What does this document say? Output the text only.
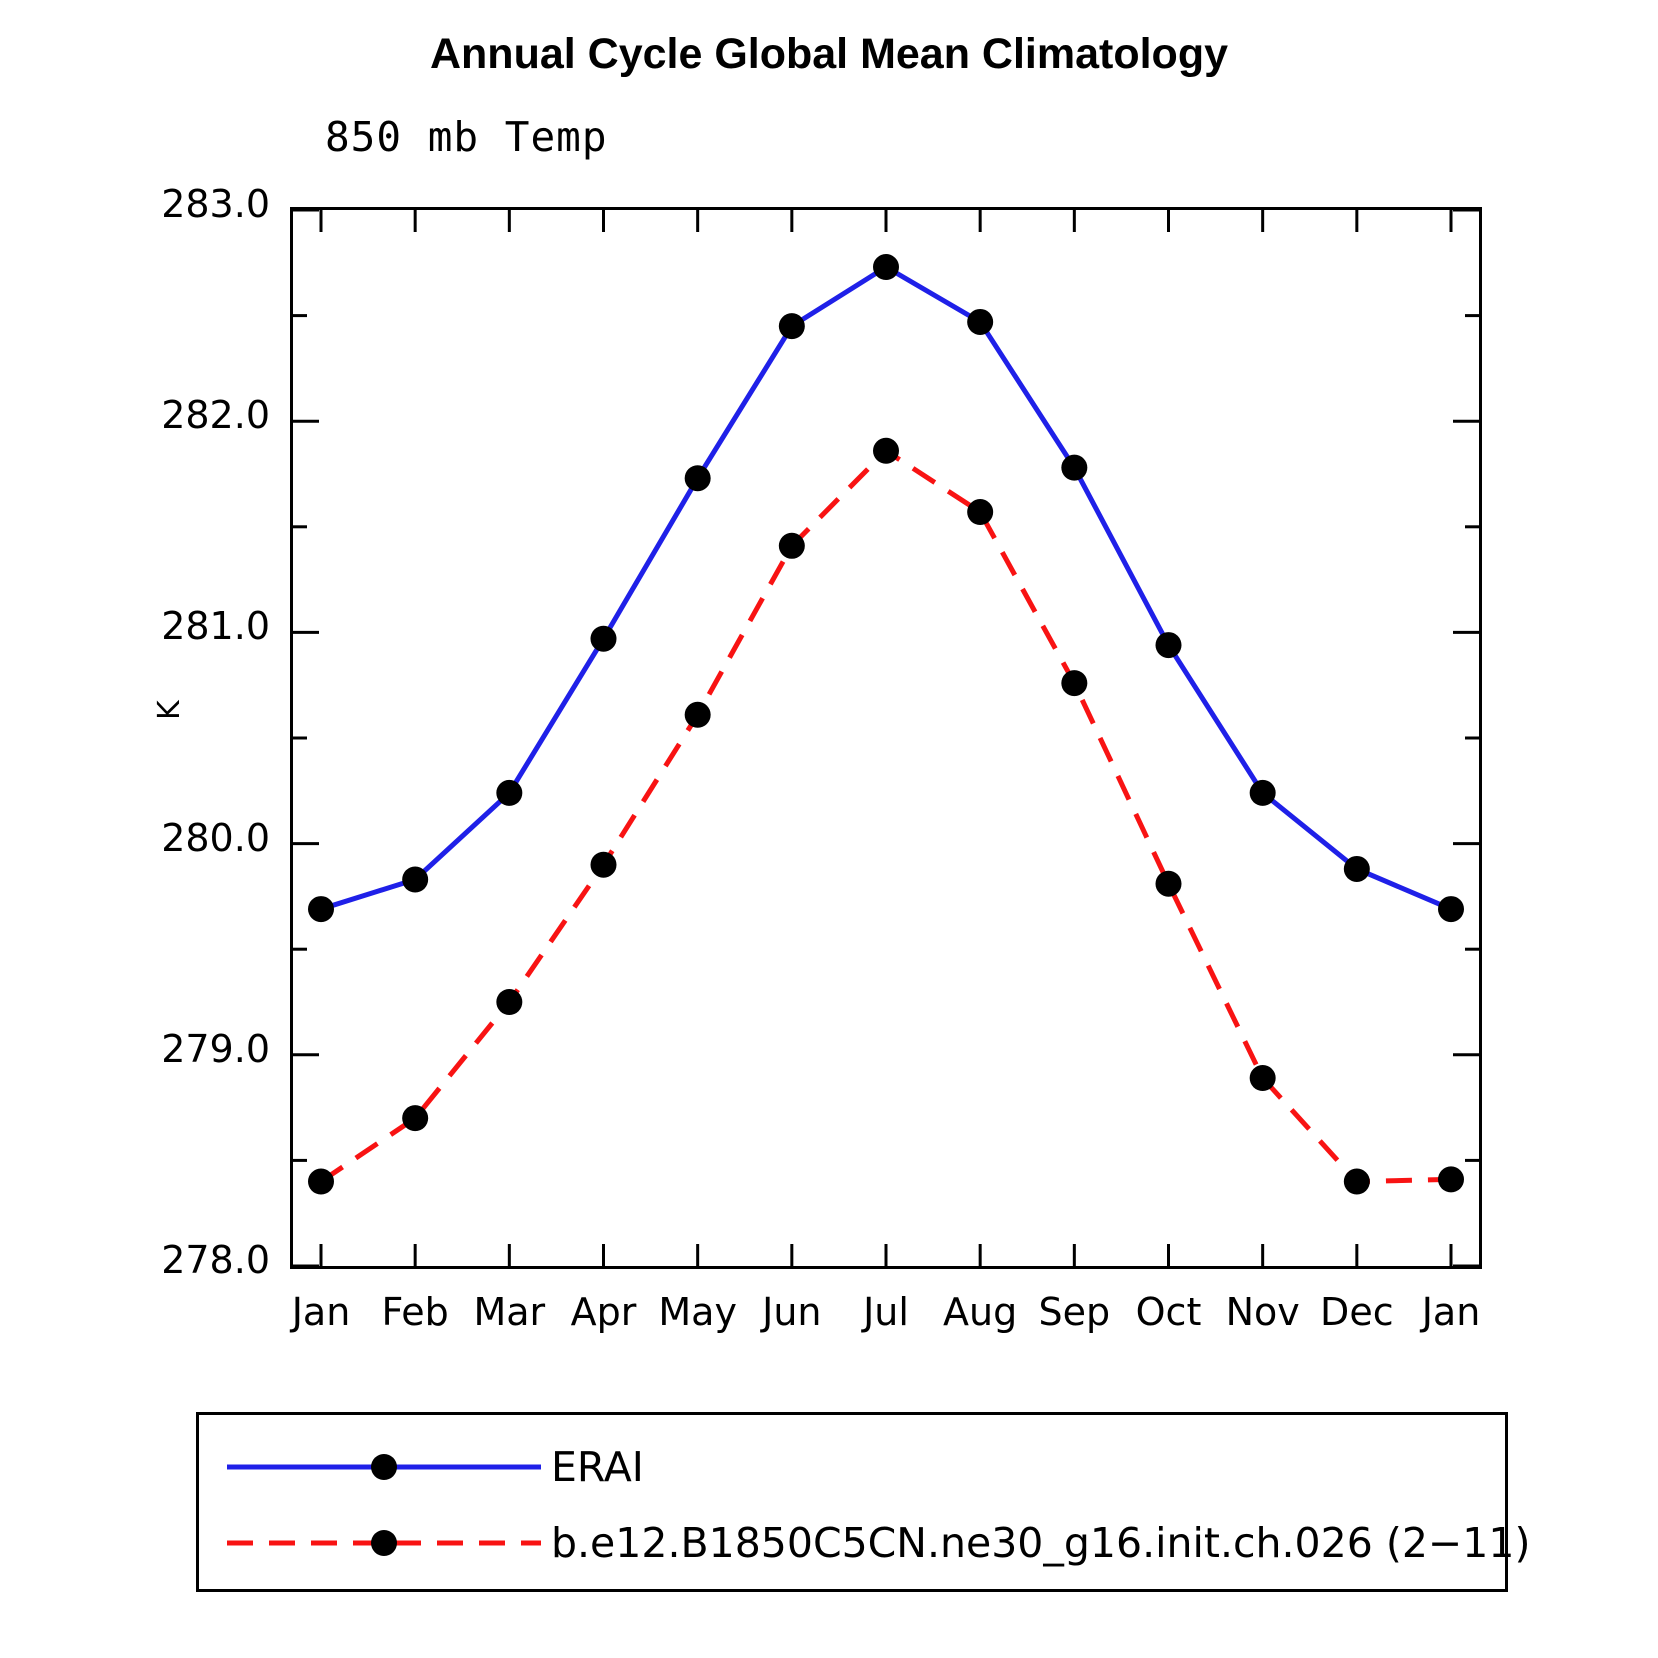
Annual Cycle Global Mean Climatology
850 mb Temp
K
283.0
282.0
281.0
280.0
279.0
278.0
Jan Feb Mar Apr May Jun Jul Aug Sep Oct Nov Dec Jan
ERAI
b.e12.B1850C5CN.ne30_g16.init.ch.026 (2−11)
